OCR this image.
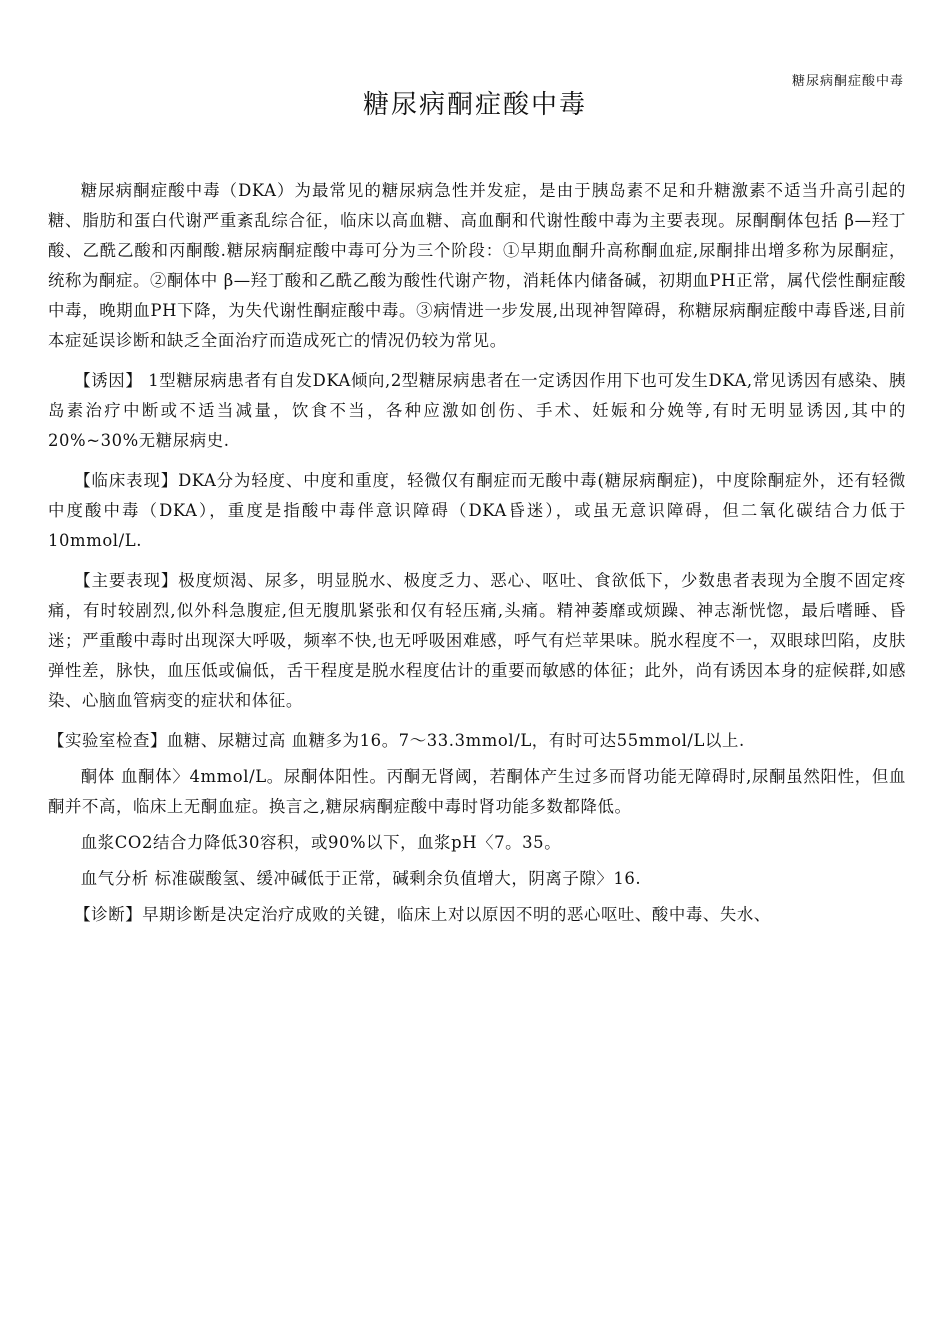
糖尿病酮症酸中毒
糖尿病酮症酸中毒

糖尿病酮症酸中毒（DKA）为最常见的糖尿病急性并发症，是由于胰岛素不足和升糖激素不适当升高引起的糖、脂肪和蛋白代谢严重紊乱综合征，临床以高血糖、高血酮和代谢性酸中毒为主要表现。尿酮酮体包括 β—羟丁酸、乙酰乙酸和丙酮酸.糖尿病酮症酸中毒可分为三个阶段：①早期血酮升高称酮血症,尿酮排出增多称为尿酮症，统称为酮症。②酮体中 β—羟丁酸和乙酰乙酸为酸性代谢产物，消耗体内储备碱，初期血PH正常，属代偿性酮症酸中毒，晚期血PH下降，为失代谢性酮症酸中毒。③病情进一步发展,出现神智障碍，称糖尿病酮症酸中毒昏迷,目前本症延误诊断和缺乏全面治疗而造成死亡的情况仍较为常见。

【诱因】 1型糖尿病患者有自发DKA倾向,2型糖尿病患者在一定诱因作用下也可发生DKA,常见诱因有感染、胰岛素治疗中断或不适当减量，饮食不当，各种应激如创伤、手术、妊娠和分娩等,有时无明显诱因,其中的20%~30%无糖尿病史.

【临床表现】DKA分为轻度、中度和重度，轻微仅有酮症而无酸中毒(糖尿病酮症)，中度除酮症外，还有轻微中度酸中毒（DKA），重度是指酸中毒伴意识障碍（DKA昏迷），或虽无意识障碍，但二氧化碳结合力低于10mmol/L.

【主要表现】极度烦渴、尿多，明显脱水、极度乏力、恶心、呕吐、食欲低下，少数患者表现为全腹不固定疼痛，有时较剧烈,似外科急腹症,但无腹肌紧张和仅有轻压痛,头痛。精神萎靡或烦躁、神志渐恍惚，最后嗜睡、昏迷；严重酸中毒时出现深大呼吸，频率不快,也无呼吸困难感，呼气有烂苹果味。脱水程度不一，双眼球凹陷，皮肤弹性差，脉快，血压低或偏低，舌干程度是脱水程度估计的重要而敏感的体征；此外，尚有诱因本身的症候群,如感染、心脑血管病变的症状和体征。

【实验室检查】血糖、尿糖过高 血糖多为16。7～33.3mmol/L，有时可达55mmol/L以上.

酮体 血酮体〉4mmol/L。尿酮体阳性。丙酮无肾阈，若酮体产生过多而肾功能无障碍时,尿酮虽然阳性，但血酮并不高，临床上无酮血症。换言之,糖尿病酮症酸中毒时肾功能多数都降低。

血浆CO2结合力降低30容积，或90%以下，血浆pH〈7。35。

血气分析 标准碳酸氢、缓冲碱低于正常，碱剩余负值增大，阴离子隙〉16.

【诊断】早期诊断是决定治疗成败的关键，临床上对以原因不明的恶心呕吐、酸中毒、失水、
